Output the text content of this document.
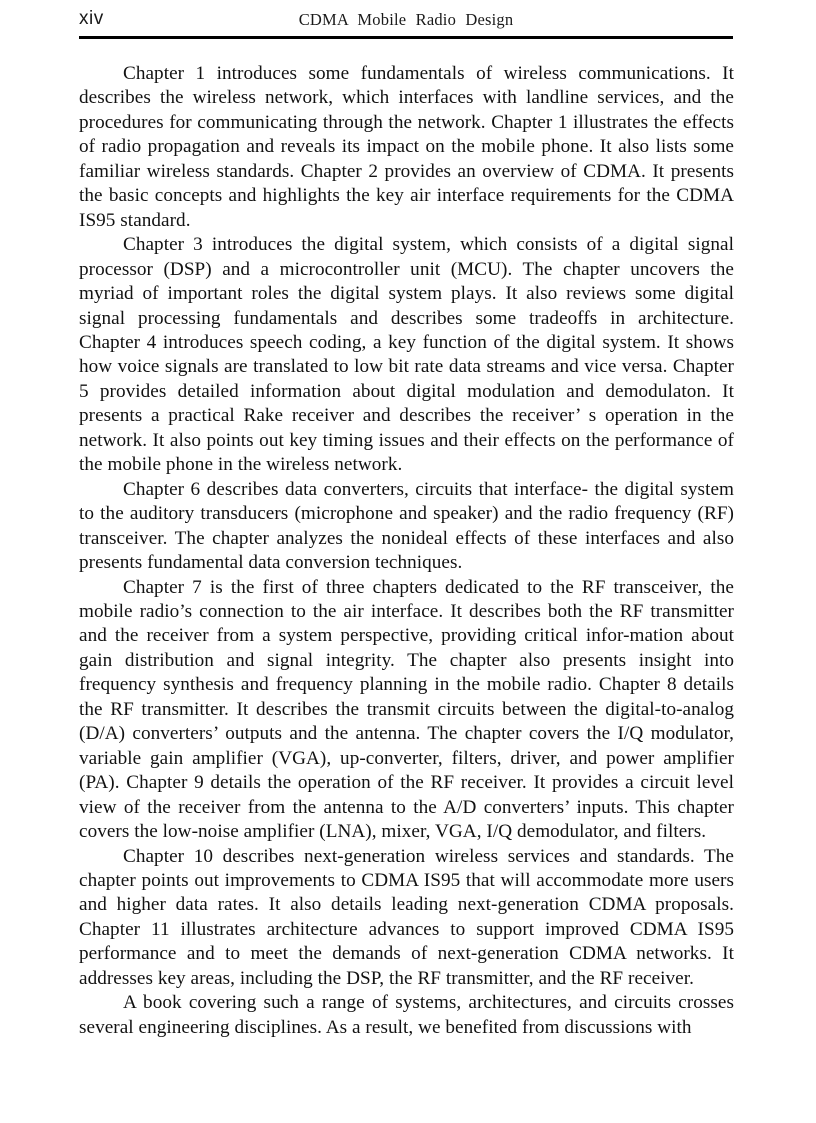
xiv	CDMA Mobile Radio Design

Chapter 1 introduces some fundamentals of wireless communications. It describes the wireless network, which interfaces with landline services, and the procedures for communicating through the network. Chapter 1 illustrates the effects of radio propagation and reveals its impact on the mobile phone. It also lists some familiar wireless standards. Chapter 2 provides an overview of CDMA. It presents the basic concepts and highlights the key air interface requirements for the CDMA IS95 standard.

Chapter 3 introduces the digital system, which consists of a digital signal processor (DSP) and a microcontroller unit (MCU). The chapter uncovers the myriad of important roles the digital system plays. It also reviews some digital signal processing fundamentals and describes some tradeoffs in architecture. Chapter 4 introduces speech coding, a key function of the digital system. It shows how voice signals are translated to low bit rate data streams and vice versa. Chapter 5 provides detailed information about digital modulation and demodulaton. It presents a practical Rake receiver and describes the receiver’ s operation in the network. It also points out key timing issues and their effects on the performance of the mobile phone in the wireless network.

Chapter 6 describes data converters, circuits that interface- the digital system to the auditory transducers (microphone and speaker) and the radio frequency (RF) transceiver. The chapter analyzes the nonideal effects of these interfaces and also presents fundamental data conversion techniques.

Chapter 7 is the first of three chapters dedicated to the RF transceiver, the mobile radio’s connection to the air interface. It describes both the RF transmitter and the receiver from a system perspective, providing critical infor-mation about gain distribution and signal integrity. The chapter also presents insight into frequency synthesis and frequency planning in the mobile radio. Chapter 8 details the RF transmitter. It describes the transmit circuits between the digital-to-analog (D/A) converters’ outputs and the antenna. The chapter covers the I/Q modulator, variable gain amplifier (VGA), up-converter, filters, driver, and power amplifier (PA). Chapter 9 details the operation of the RF receiver. It provides a circuit level view of the receiver from the antenna to the A/D converters’ inputs. This chapter covers the low-noise amplifier (LNA), mixer, VGA, I/Q demodulator, and filters.

Chapter 10 describes next-generation wireless services and standards. The chapter points out improvements to CDMA IS95 that will accommodate more users and higher data rates. It also details leading next-generation CDMA proposals. Chapter 11 illustrates architecture advances to support improved CDMA IS95 performance and to meet the demands of next-generation CDMA networks. It addresses key areas, including the DSP, the RF transmitter, and the RF receiver.

A book covering such a range of systems, architectures, and circuits crosses several engineering disciplines. As a result, we benefited from discussions with
